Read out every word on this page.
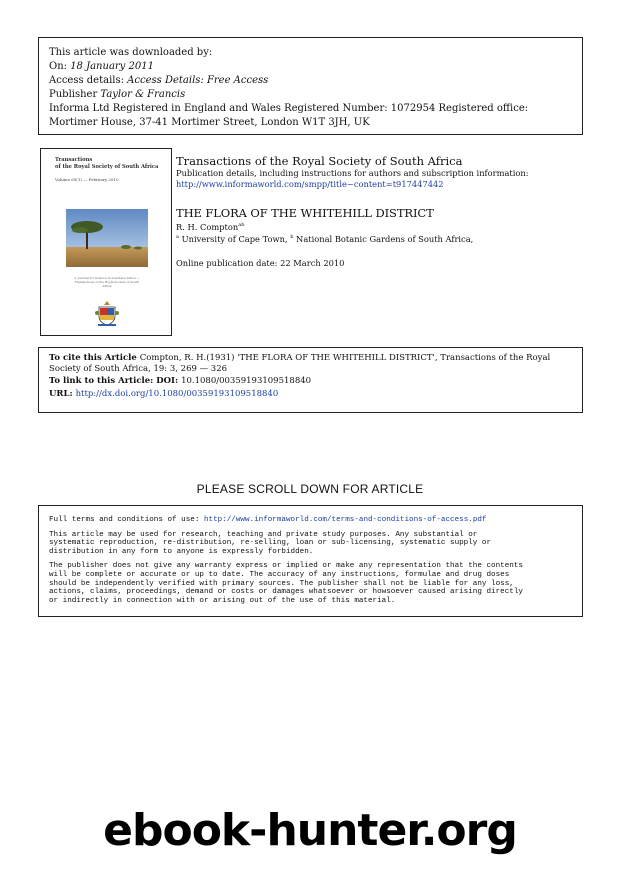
This article was downloaded by:
On: 18 January 2011
Access details: Access Details: Free Access
Publisher Taylor & Francis
Informa Ltd Registered in England and Wales Registered Number: 1072954 Registered office: Mortimer House, 37-41 Mortimer Street, London W1T 3JH, UK
Transactions
of the Royal Society of South Africa
Volume 65(1) — February 2010
A Journal for Science in Southern Africa — Transactions of the Royal Society of South Africa
Transactions of the Royal Society of South Africa
Publication details, including instructions for authors and subscription information:
http://www.informaworld.com/smpp/title~content=t917447442
THE FLORA OF THE WHITEHILL DISTRICT
R. H. Compton$^{ab}$
$^a$ University of Cape Town, $^b$ National Botanic Gardens of South Africa,
Online publication date: 22 March 2010
To cite this Article Compton, R. H.(1931) 'THE FLORA OF THE WHITEHILL DISTRICT', Transactions of the Royal Society of South Africa, 19: 3, 269 — 326
To link to this Article: DOI: 10.1080/00359193109518840
URL: http://dx.doi.org/10.1080/00359193109518840
PLEASE SCROLL DOWN FOR ARTICLE

Full terms and conditions of use: http://www.informaworld.com/terms-and-conditions-of-access.pdf

This article may be used for research, teaching and private study purposes. Any substantial or
systematic reproduction, re-distribution, re-selling, loan or sub-licensing, systematic supply or
distribution in any form to anyone is expressly forbidden.

The publisher does not give any warranty express or implied or make any representation that the contents
will be complete or accurate or up to date. The accuracy of any instructions, formulae and drug doses
should be independently verified with primary sources. The publisher shall not be liable for any loss,
actions, claims, proceedings, demand or costs or damages whatsoever or howsoever caused arising directly
or indirectly in connection with or arising out of the use of this material.

ebook-hunter.org
